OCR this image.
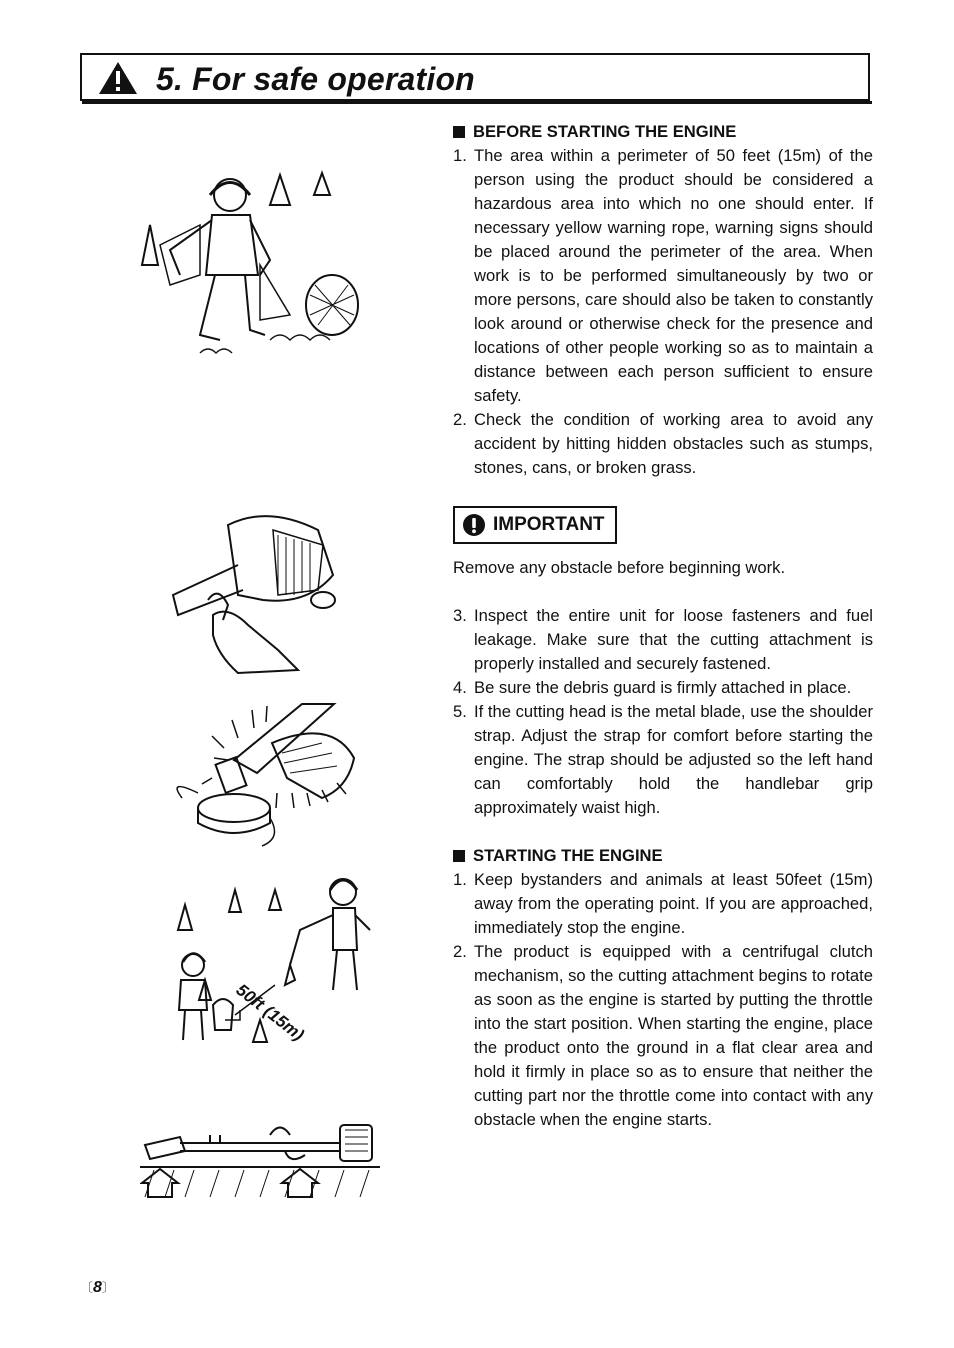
5. For safe operation
50ft (15m)
BEFORE STARTING THE ENGINE
1. The area within a perimeter of 50 feet (15m) of the person using the product should be considered a hazardous area into which no one should enter. If necessary yellow warning rope, warning signs should be placed around the perimeter of the area. When work is to be performed simultaneously by two or more persons, care should also be taken to constantly look around or otherwise check for the presence and locations of other people working so as to maintain a distance between each person sufficient to ensure safety.
2. Check the condition of working area to avoid any accident by hitting hidden obstacles such as stumps, stones, cans, or broken grass.
IMPORTANT

Remove any obstacle before beginning work.

3. Inspect the entire unit for loose fasteners and fuel leakage. Make sure that the cutting attachment is properly installed and securely fastened.
4. Be sure the debris guard is firmly attached in place.
5. If the cutting head is the metal blade, use the shoulder strap. Adjust the strap for comfort before starting the engine. The strap should be adjusted so the left hand can comfortably hold the handlebar grip approximately waist high.
STARTING THE ENGINE
1. Keep bystanders and animals at least 50feet (15m) away from the operating point. If you are approached, immediately stop the engine.
2. The product is equipped with a centrifugal clutch mechanism, so the cutting attachment begins to rotate as soon as the engine is started by putting the throttle into the start position. When starting the engine, place the product onto the ground in a flat clear area and hold it firmly in place so as to ensure that neither the cutting part nor the throttle come into contact with any obstacle when the engine starts.
〔8〕
